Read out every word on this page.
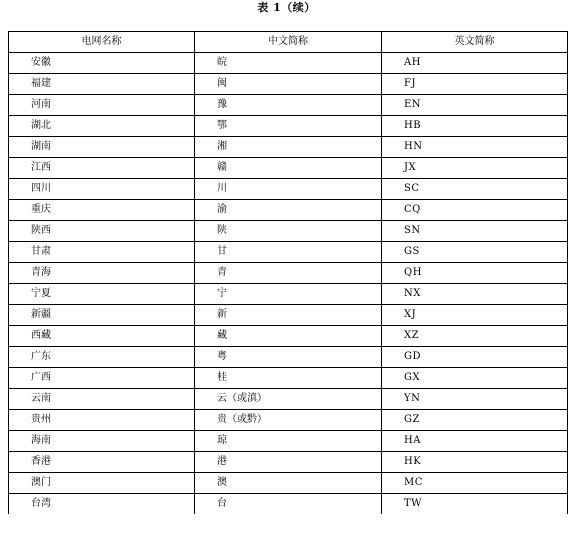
表 1（续）
电网名称	中文简称	英文简称
安徽	皖	AH
福建	闽	FJ
河南	豫	EN
湖北	鄂	HB
湖南	湘	HN
江西	赣	JX
四川	川	SC
重庆	渝	CQ
陕西	陕	SN
甘肃	甘	GS
青海	青	QH
宁夏	宁	NX
新疆	新	XJ
西藏	藏	XZ
广东	粤	GD
广西	桂	GX
云南	云（或滇）	YN
贵州	贵（或黔）	GZ
海南	琼	HA
香港	港	HK
澳门	澳	MC
台湾	台	TW
